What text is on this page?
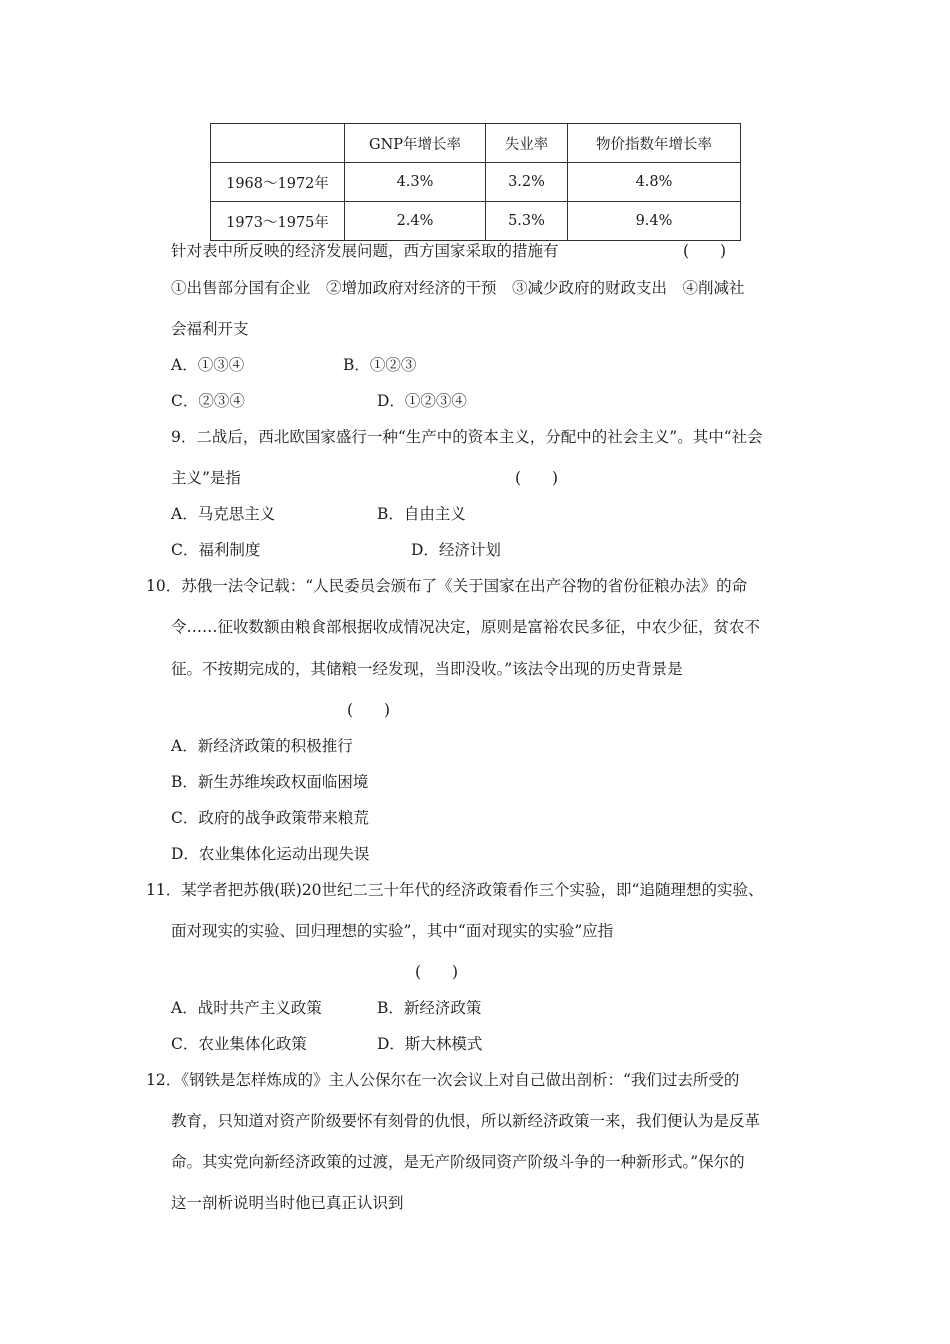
	GNP年增长率	失业率	物价指数年增长率
1968～1972年	4.3%	3.2%	4.8%
1973～1975年	2.4%	5.3%	9.4%
针对表中所反映的经济发展问题，西方国家采取的措施有	(　　)
①出售部分国有企业　②增加政府对经济的干预　③减少政府的财政支出　④削减社
会福利开支
A．①③④	B．①②③
C．②③④	D．①②③④
9．二战后，西北欧国家盛行一种“生产中的资本主义，分配中的社会主义”。其中“社会
主义”是指	(　　)
A．马克思主义	B．自由主义
C．福利制度	D．经济计划
10．苏俄一法令记载：“人民委员会颁布了《关于国家在出产谷物的省份征粮办法》的命
令……征收数额由粮食部根据收成情况决定，原则是富裕农民多征，中农少征，贫农不
征。不按期完成的，其储粮一经发现，当即没收。”该法令出现的历史背景是
(　　)
A．新经济政策的积极推行
B．新生苏维埃政权面临困境
C．政府的战争政策带来粮荒
D．农业集体化运动出现失误
11．某学者把苏俄(联)20世纪二三十年代的经济政策看作三个实验，即“追随理想的实验、
面对现实的实验、回归理想的实验”，其中“面对现实的实验”应指
(　　)
A．战时共产主义政策	B．新经济政策
C．农业集体化政策	D．斯大林模式
12．《钢铁是怎样炼成的》主人公保尔在一次会议上对自己做出剖析：“我们过去所受的
教育，只知道对资产阶级要怀有刻骨的仇恨，所以新经济政策一来，我们便认为是反革
命。其实党向新经济政策的过渡，是无产阶级同资产阶级斗争的一种新形式。”保尔的
这一剖析说明当时他已真正认识到
